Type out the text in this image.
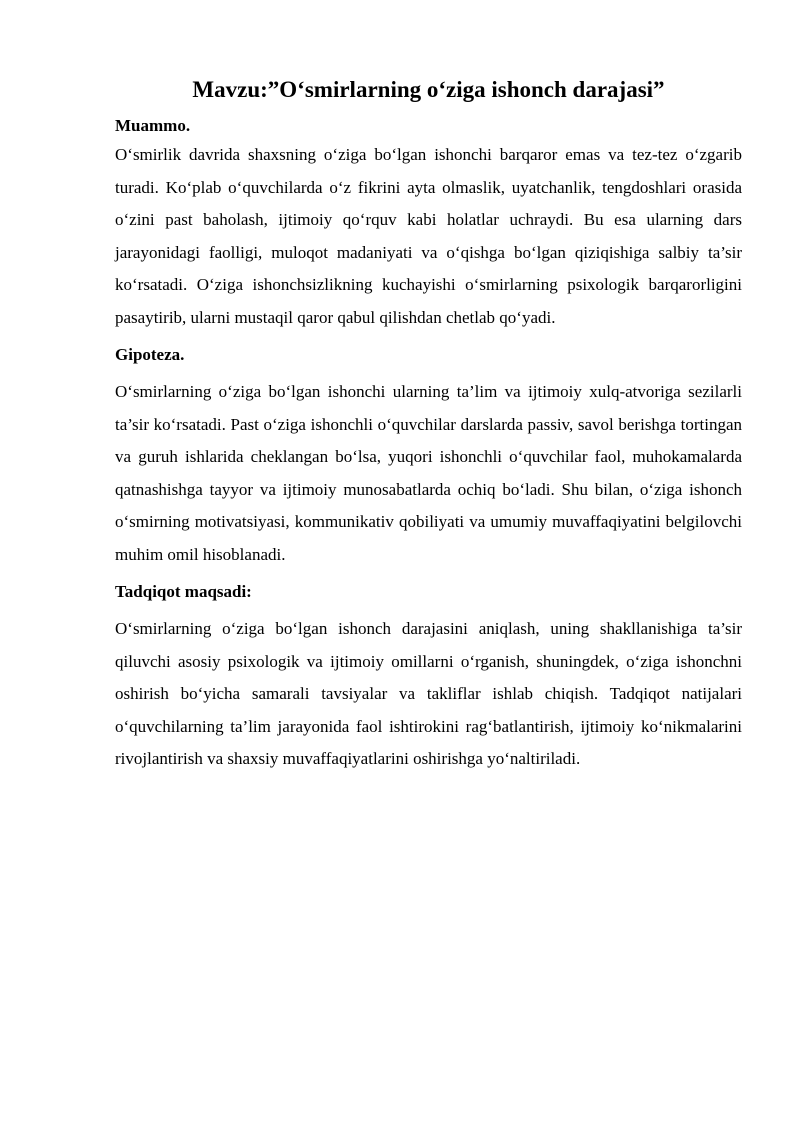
Mavzu:”O‘smirlarning o‘ziga ishonch darajasi”

Muammo.

O‘smirlik davrida shaxsning o‘ziga bo‘lgan ishonchi barqaror emas va tez-tez o‘zgarib turadi. Ko‘plab o‘quvchilarda o‘z fikrini ayta olmaslik, uyatchanlik, tengdoshlari orasida o‘zini past baholash, ijtimoiy qo‘rquv kabi holatlar uchraydi. Bu esa ularning dars jarayonidagi faolligi, muloqot madaniyati va o‘qishga bo‘lgan qiziqishiga salbiy ta’sir ko‘rsatadi. O‘ziga ishonchsizlikning kuchayishi o‘smirlarning psixologik barqarorligini pasaytirib, ularni mustaqil qaror qabul qilishdan chetlab qo‘yadi.

Gipoteza.

O‘smirlarning o‘ziga bo‘lgan ishonchi ularning ta’lim va ijtimoiy xulq-atvoriga sezilarli ta’sir ko‘rsatadi. Past o‘ziga ishonchli o‘quvchilar darslarda passiv, savol berishga tortingan va guruh ishlarida cheklangan bo‘lsa, yuqori ishonchli o‘quvchilar faol, muhokamalarda qatnashishga tayyor va ijtimoiy munosabatlarda ochiq bo‘ladi. Shu bilan, o‘ziga ishonch o‘smirning motivatsiyasi, kommunikativ qobiliyati va umumiy muvaffaqiyatini belgilovchi muhim omil hisoblanadi.

Tadqiqot maqsadi:

O‘smirlarning o‘ziga bo‘lgan ishonch darajasini aniqlash, uning shakllanishiga ta’sir qiluvchi asosiy psixologik va ijtimoiy omillarni o‘rganish, shuningdek, o‘ziga ishonchni oshirish bo‘yicha samarali tavsiyalar va takliflar ishlab chiqish. Tadqiqot natijalari o‘quvchilarning ta’lim jarayonida faol ishtirokini rag‘batlantirish, ijtimoiy ko‘nikmalarini rivojlantirish va shaxsiy muvaffaqiyatlarini oshirishga yo‘naltiriladi.
